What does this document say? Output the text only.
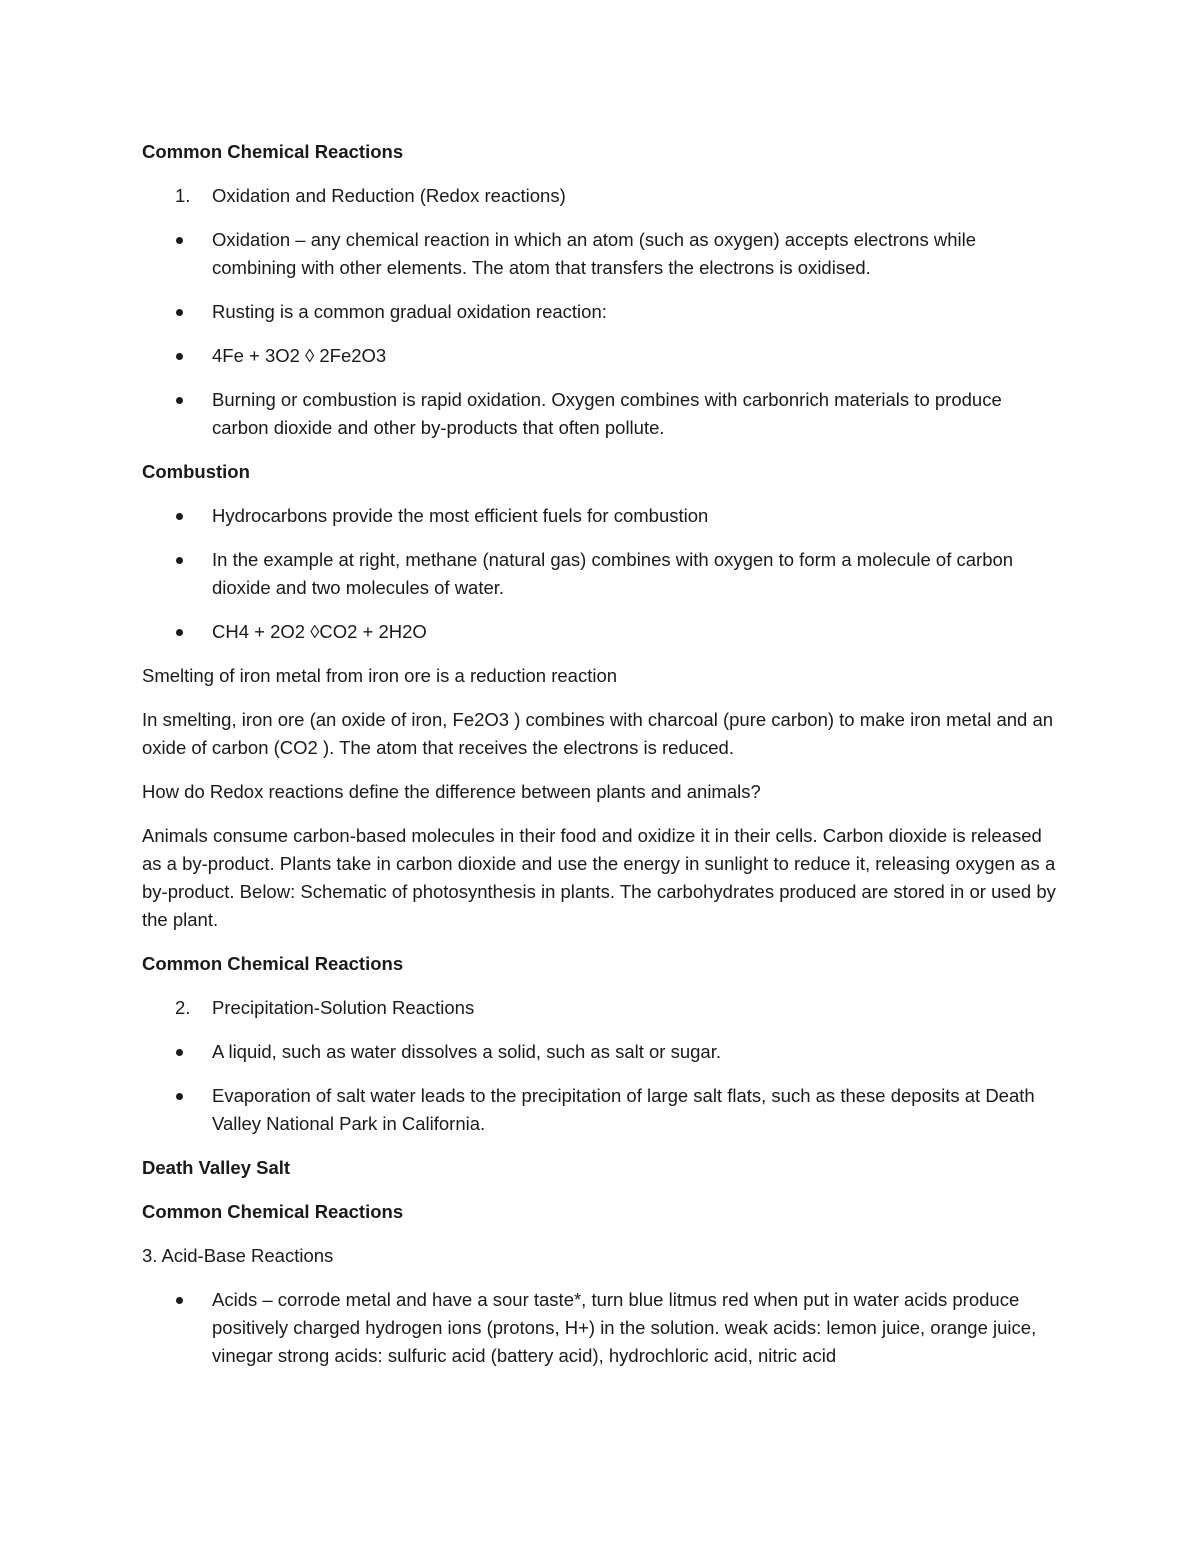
Common Chemical Reactions

1. Oxidation and Reduction (Redox reactions)
Oxidation – any chemical reaction in which an atom (such as oxygen) accepts electrons while combining with other elements. The atom that transfers the electrons is oxidised.
Rusting is a common gradual oxidation reaction:
4Fe + 3O2 ◊ 2Fe2O3
Burning or combustion is rapid oxidation. Oxygen combines with carbonrich materials to produce carbon dioxide and other by-products that often pollute.

Combustion

Hydrocarbons provide the most efficient fuels for combustion
In the example at right, methane (natural gas) combines with oxygen to form a molecule of carbon dioxide and two molecules of water.
CH4 + 2O2 ◊CO2 + 2H2O

Smelting of iron metal from iron ore is a reduction reaction

In smelting, iron ore (an oxide of iron, Fe2O3 ) combines with charcoal (pure carbon) to make iron metal and an oxide of carbon (CO2 ). The atom that receives the electrons is reduced.

How do Redox reactions define the difference between plants and animals?

Animals consume carbon-based molecules in their food and oxidize it in their cells. Carbon dioxide is released as a by-product. Plants take in carbon dioxide and use the energy in sunlight to reduce it, releasing oxygen as a by-product. Below: Schematic of photosynthesis in plants. The carbohydrates produced are stored in or used by the plant.

Common Chemical Reactions

2. Precipitation-Solution Reactions
A liquid, such as water dissolves a solid, such as salt or sugar.
Evaporation of salt water leads to the precipitation of large salt flats, such as these deposits at Death Valley National Park in California.

Death Valley Salt

Common Chemical Reactions

3. Acid-Base Reactions

Acids – corrode metal and have a sour taste*, turn blue litmus red when put in water acids produce positively charged hydrogen ions (protons, H+) in the solution. weak acids: lemon juice, orange juice, vinegar strong acids: sulfuric acid (battery acid), hydrochloric acid, nitric acid
